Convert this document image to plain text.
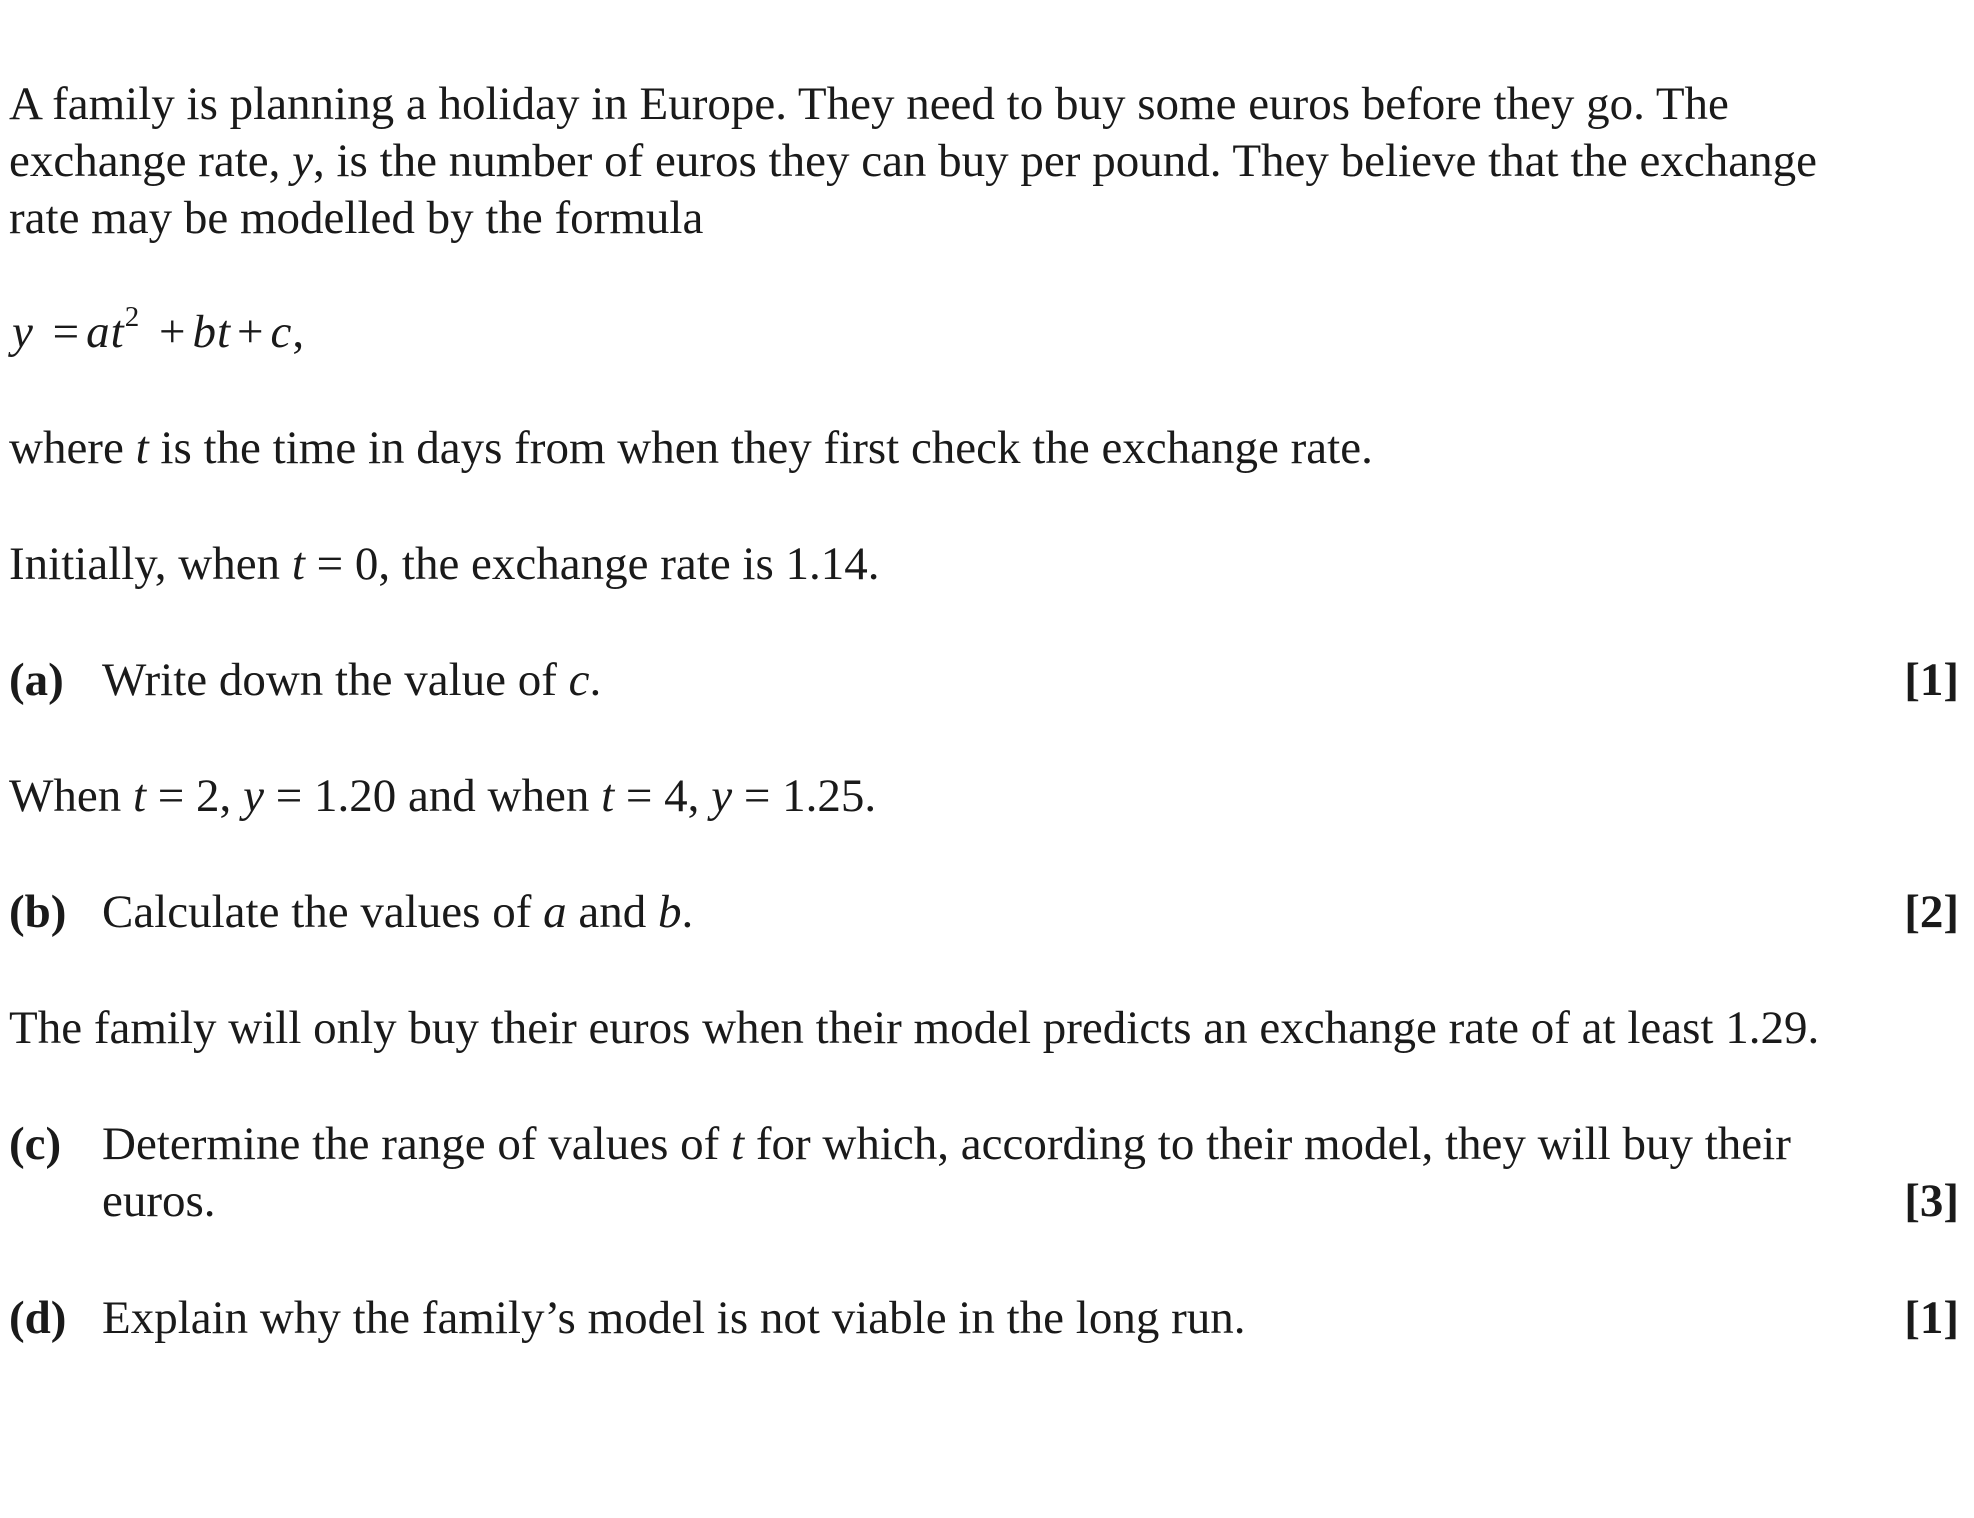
A family is planning a holiday in Europe. They need to buy some euros before they go. The
exchange rate, y, is the number of euros they can buy per pound. They believe that the exchange
rate may be modelled by the formula

$y = at^2$ + bt + c,

where t is the time in days from when they first check the exchange rate.

Initially, when t = 0, the exchange rate is 1.14.

(a) Write down the value of c.	[1]

When t = 2, y = 1.20 and when t = 4, y = 1.25.

(b) Calculate the values of a and b.	[2]

The family will only buy their euros when their model predicts an exchange rate of at least 1.29.

(c) Determine the range of values of t for which, according to their model, they will buy their
euros.	[3]
(d) Explain why the family’s model is not viable in the long run.	[1]
